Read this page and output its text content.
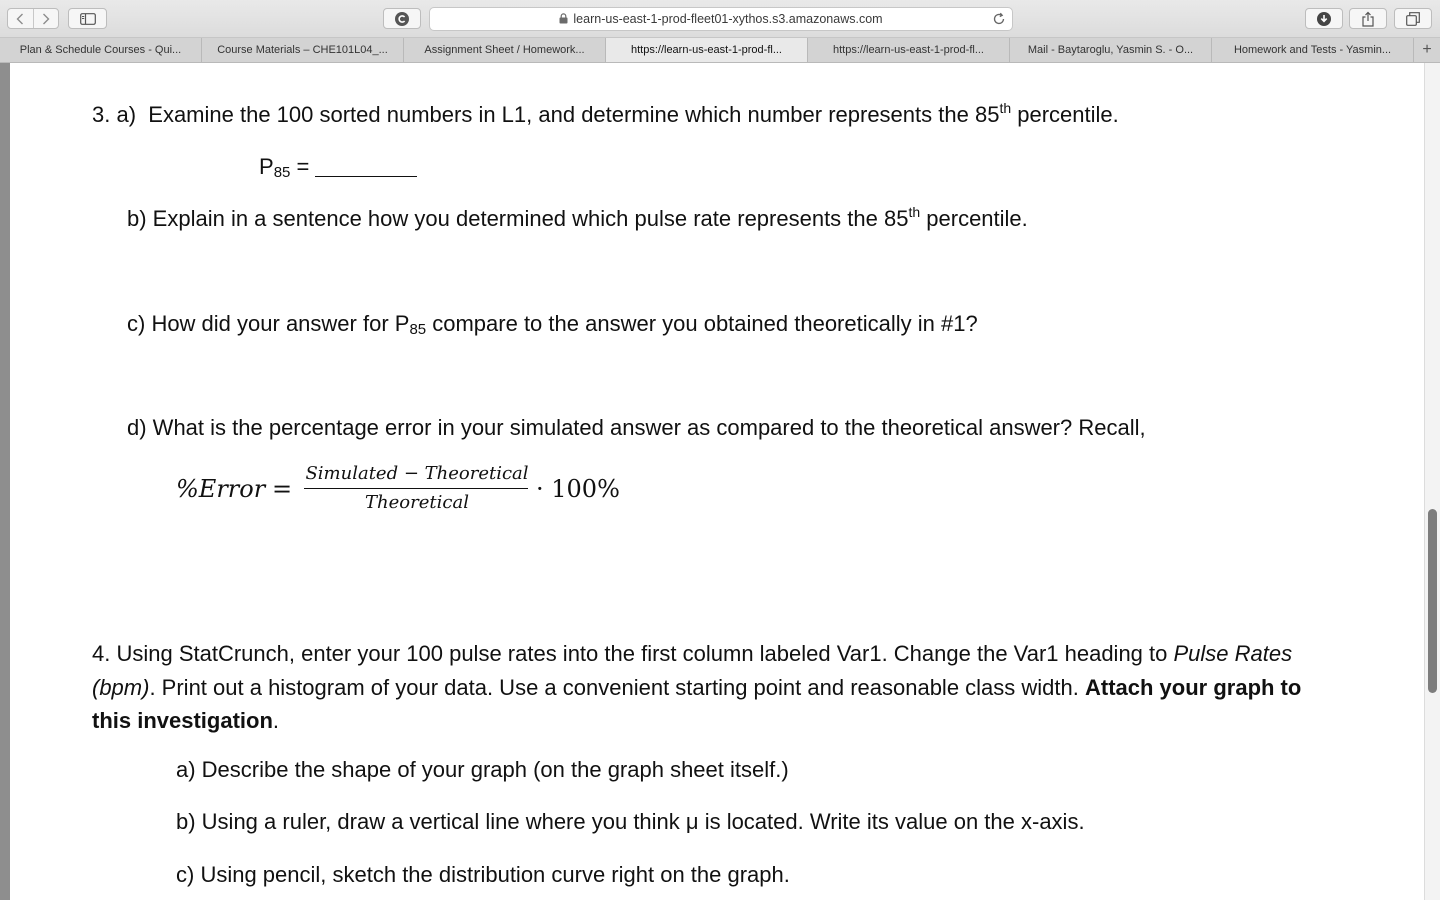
learn-us-east-1-prod-fleet01-xythos.s3.amazonaws.com
Plan & Schedule Courses - Qui...	Course Materials – CHE101L04_...	Assignment Sheet / Homework...	https://learn-us-east-1-prod-fl...	https://learn-us-east-1-prod-fl...	Mail - Baytaroglu, Yasmin S. - O...	Homework and Tests - Yasmin...	+
3. a) Examine the 100 sorted numbers in L1, and determine which number represents the 85th percentile.
$P_{85}$ =
b) Explain in a sentence how you determined which pulse rate represents the 85th percentile.
c) How did your answer for $P_{85}$ compare to the answer you obtained theoretically in #1?
d) What is the percentage error in your simulated answer as compared to the theoretical answer? Recall,
%Error =
Simulated − Theoretical
Theoretical	· 100%
4. Using StatCrunch, enter your 100 pulse rates into the first column labeled Var1. Change the Var1 heading to Pulse Rates (bpm). Print out a histogram of your data. Use a convenient starting point and reasonable class width. Attach your graph to this investigation.
a) Describe the shape of your graph (on the graph sheet itself.)
b) Using a ruler, draw a vertical line where you think μ is located. Write its value on the x-axis.
c) Using pencil, sketch the distribution curve right on the graph.
